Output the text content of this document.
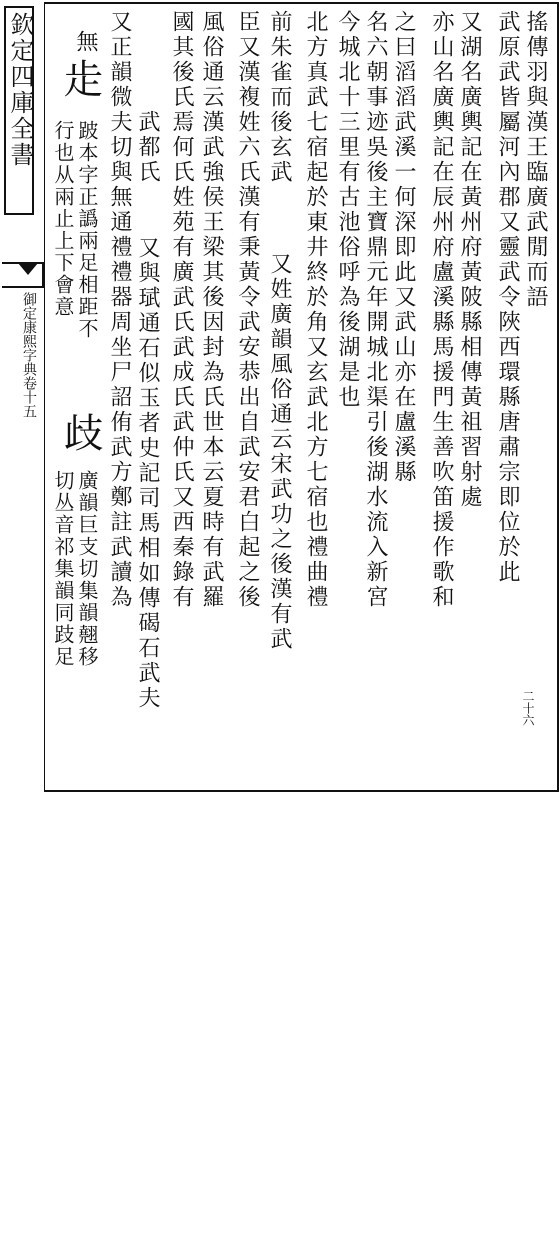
欽定四庫全書
御定康熙字典卷十五
搖傳羽與漢王臨廣武閒而語
武原武皆屬河內郡又靈武令陜西環縣唐肅宗即位於此
又湖名廣輿記在黃州府黃陂縣相傳黃祖習射處
亦山名廣輿記在辰州府盧溪縣馬援門生善吹笛援作歌和
之曰滔滔武溪一何深即此又武山亦在盧溪縣
名六朝事迹吳後主寶鼎元年開城北渠引後湖水流入新宮
今城北十三里有古池俗呼為後湖是也
北方真武七宿起於東井終於角又玄武北方七宿也禮曲禮
前朱雀而後玄武
又姓廣韻風俗通云宋武功之後漢有武
臣又漢複姓六氏漢有秉黃令武安恭出自武安君白起之後
風俗通云漢武強侯王梁其後因封為氏世本云夏時有武羅
國其後氏焉何氏姓苑有廣武氏武成氏武仲氏又西秦錄有
武都氏
又與珷通石似玉者史記司馬相如傳碣石武夫
又正韻微夫切與無通禮禮器周坐尸詔侑武方鄭註武讀為
無
歨
跛本字正譌兩足相距不
行也从兩止上下會意
歧
廣韻巨支切集韻翹移
切丛音祁集韻同跂足
二十六
